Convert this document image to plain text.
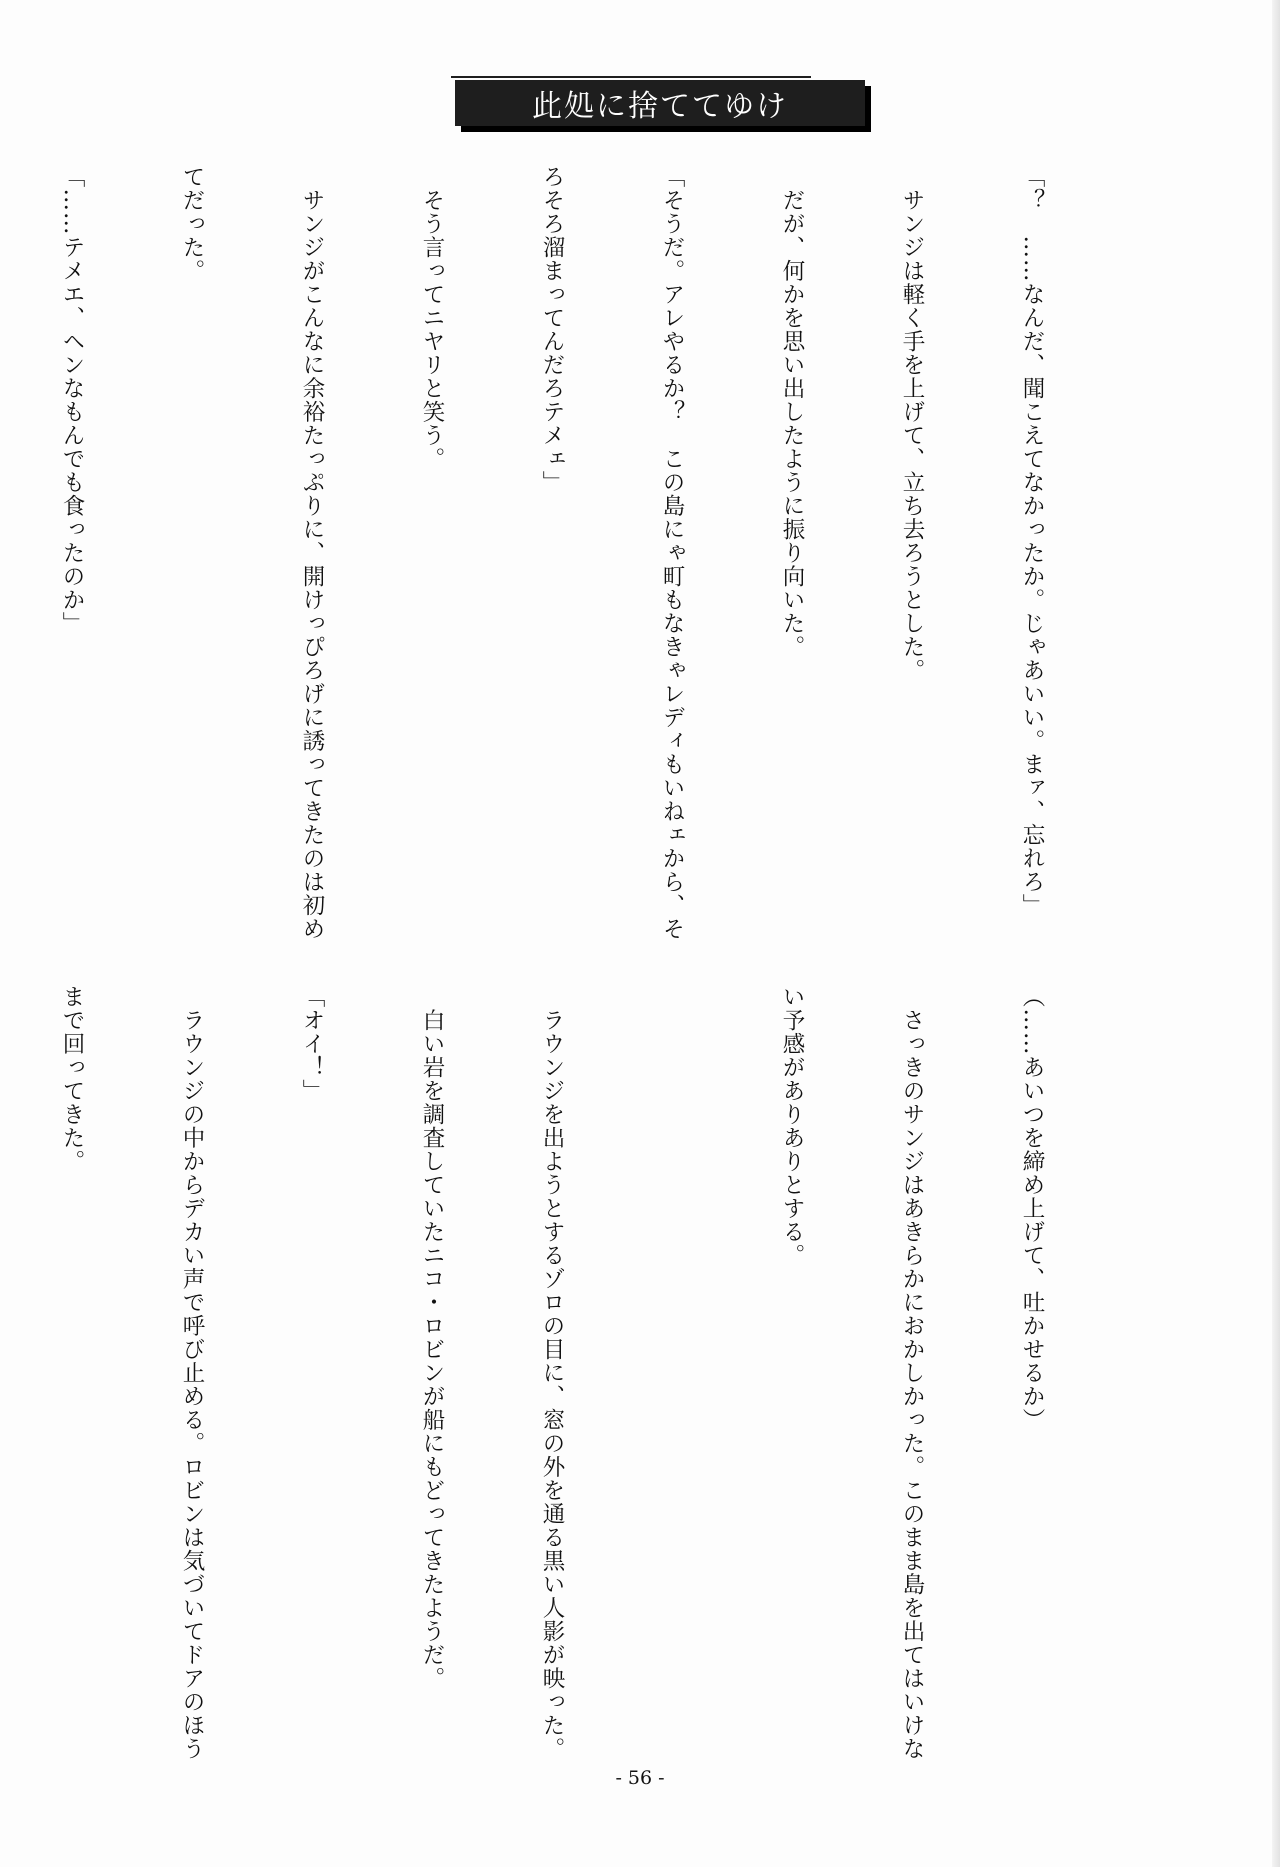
此処に捨ててゆけ

「？　……なんだ、聞こえてなかったか。じゃあいい。まァ、忘れろ」

　サンジは軽く手を上げて、立ち去ろうとした。

　だが、何かを思い出したように振り向いた。

「そうだ。アレやるか？　この島にゃ町もなきゃレディもいねェから、そ

ろそろ溜まってんだろテメェ」

　そう言ってニヤリと笑う。

　サンジがこんなに余裕たっぷりに、開けっぴろげに誘ってきたのは初め

てだった。

「……テメエ、ヘンなもんでも食ったのか」

（……あいつを締め上げて、吐かせるか）

　さっきのサンジはあきらかにおかしかった。このまま島を出てはいけな

い予感がありありとする。

　ラウンジを出ようとするゾロの目に、窓の外を通る黒い人影が映った。

　白い岩を調査していたニコ・ロビンが船にもどってきたようだ。

「オイ！」

　ラウンジの中からデカい声で呼び止める。ロビンは気づいてドアのほう

まで回ってきた。

- 56 -
